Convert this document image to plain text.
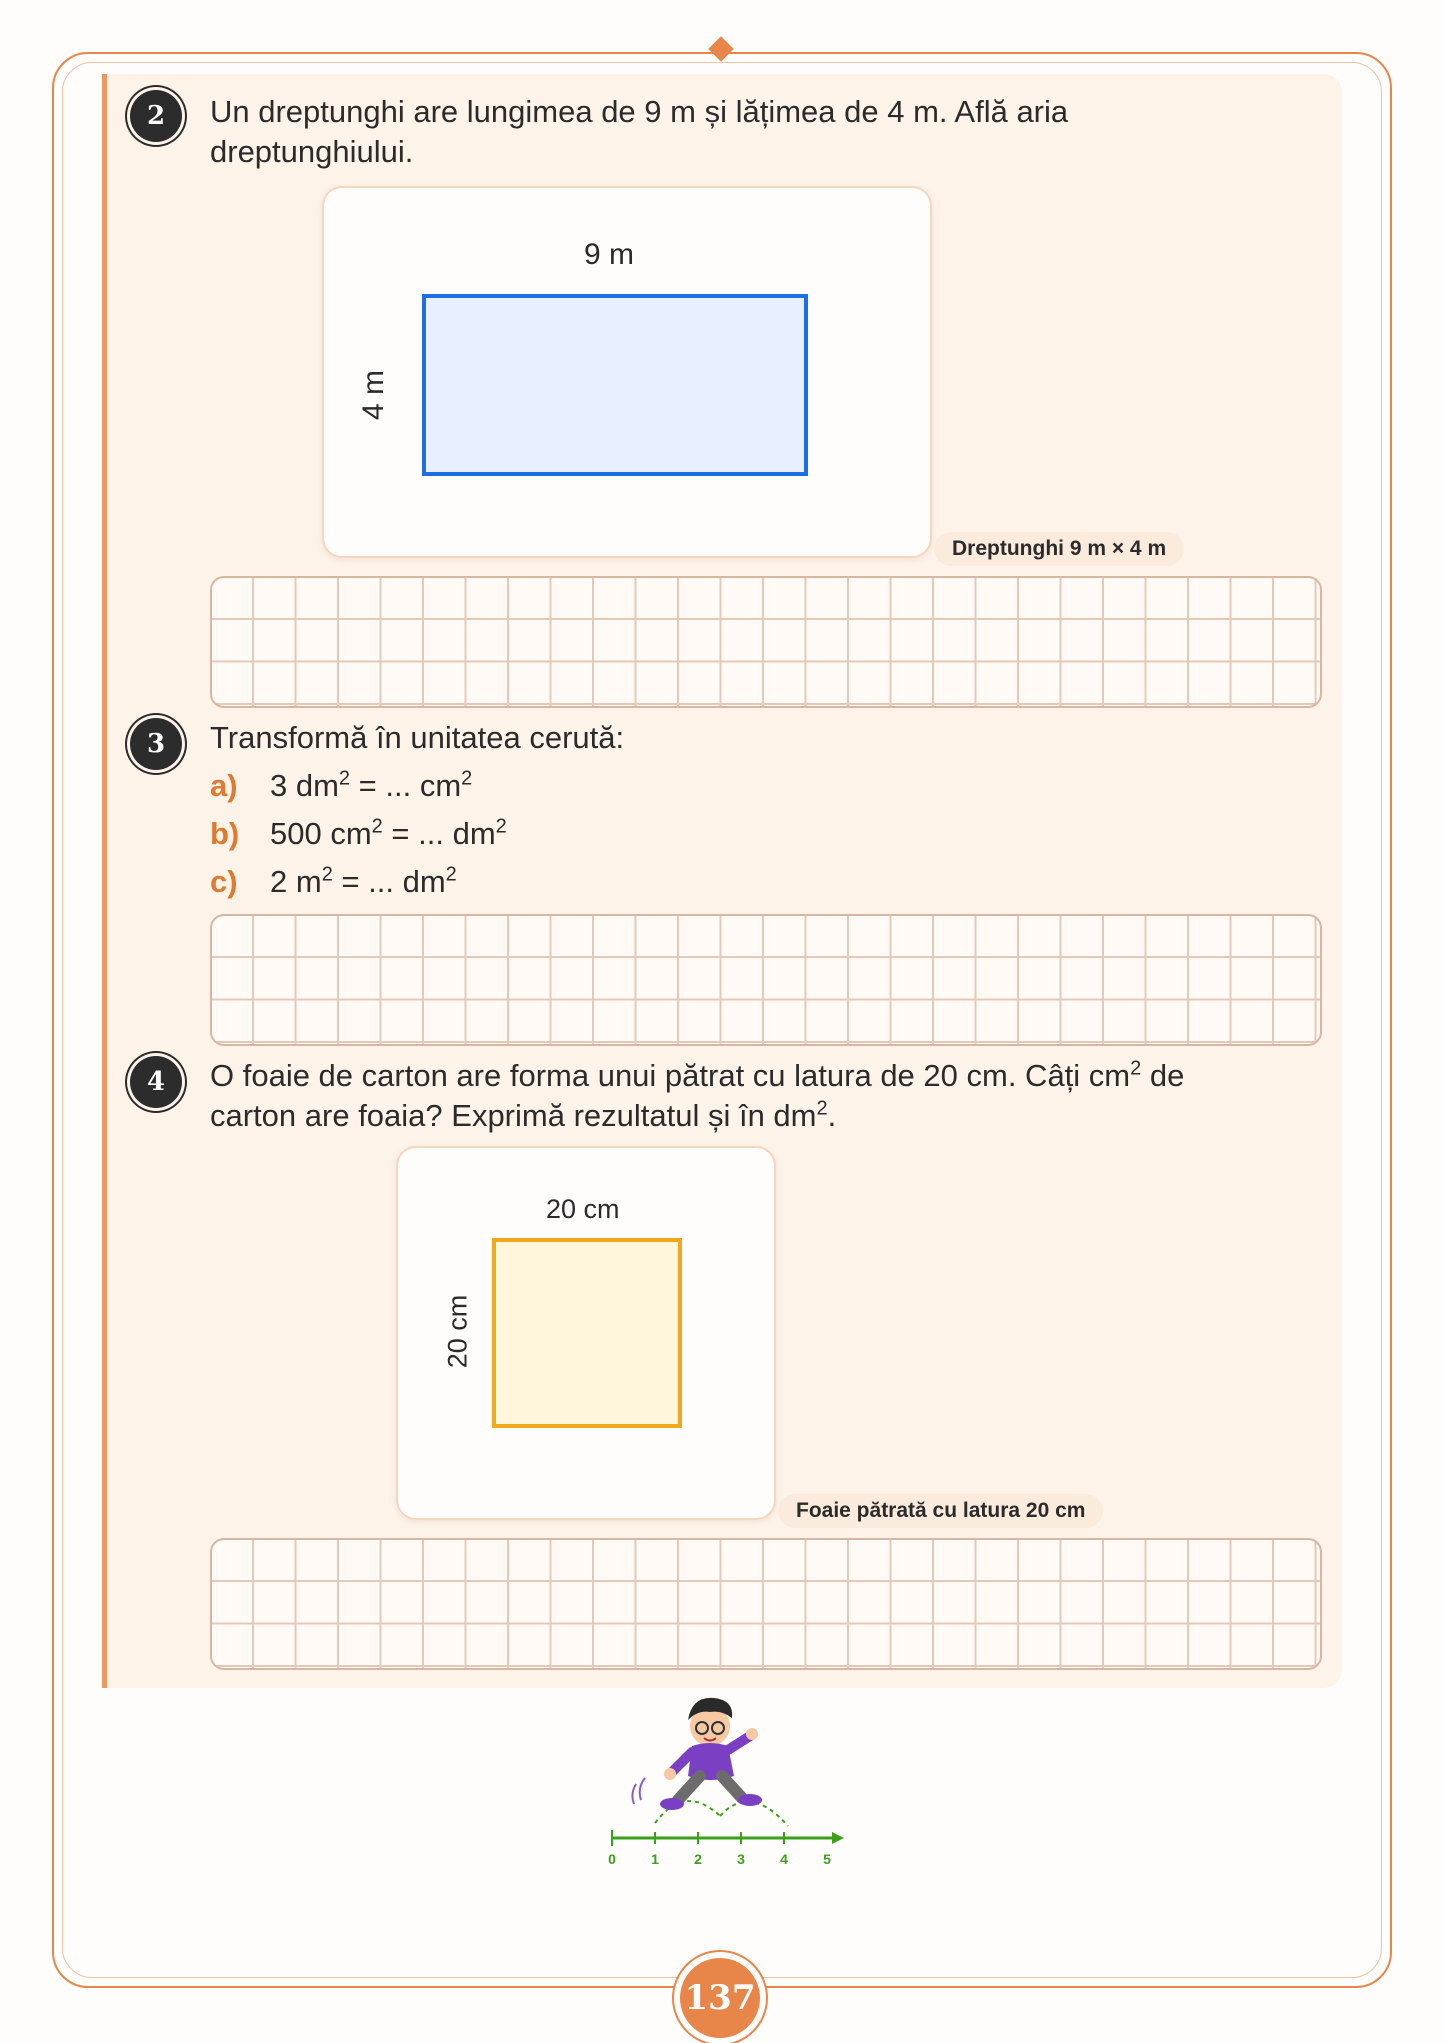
2	Un dreptunghi are lungimea de 9 m și lățimea de 4 m. Află aria
dreptunghiului.
9 m
4 m
Dreptunghi 9 m × 4 m
3	Transformă în unitatea cerută:
a) 3 $dm^2$ = ... $cm^2$
b) 500 $cm^2$ = ... $dm^2$
c) 2 $m^2$ = ... $dm^2$
4	O foaie de carton are forma unui pătrat cu latura de 20 cm. Câți $cm^2$ de
carton are foaia? Exprimă rezultatul și în $dm^2$.
20 cm
20 cm
Foaie pătrată cu latura 20 cm
0	1	2	3	4	5
137
